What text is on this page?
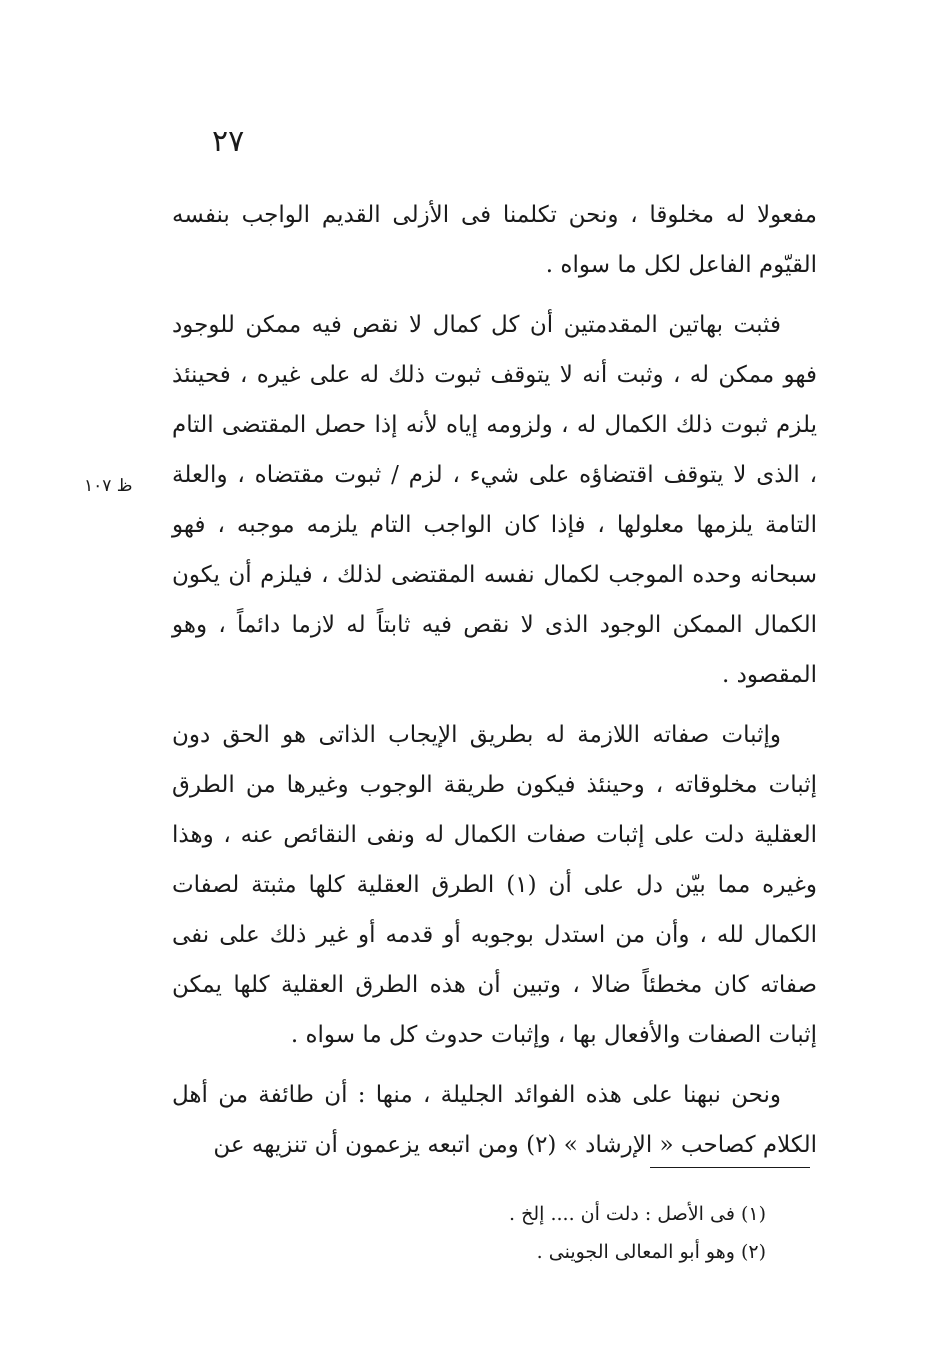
٢٧
ظ ١٠٧

مفعولا له مخلوقا ، ونحن تكلمنا فى الأزلى القديم الواجب بنفسه القيّوم الفاعل لكل ما سواه .

فثبت بهاتين المقدمتين أن كل كمال لا نقص فيه ممكن للوجود فهو ممكن له ، وثبت أنه لا يتوقف ثبوت ذلك له على غيره ، فحينئذ يلزم ثبوت ذلك الكمال له ، ولزومه إياه لأنه إذا حصل المقتضى التام ، الذى لا يتوقف اقتضاؤه على شيء ، لزم / ثبوت مقتضاه ، والعلة التامة يلزمها معلولها ، فإذا كان الواجب التام يلزمه موجبه ، فهو سبحانه وحده الموجب لكمال نفسه المقتضى لذلك ، فيلزم أن يكون الكمال الممكن الوجود الذى لا نقص فيه ثابتاً له لازما دائماً ، وهو المقصود .

وإثبات صفاته اللازمة له بطريق الإيجاب الذاتى هو الحق دون إثبات مخلوقاته ، وحينئذ فيكون طريقة الوجوب وغيرها من الطرق العقلية دلت على إثبات صفات الكمال له ونفى النقائص عنه ، وهذا وغيره مما بيّن دل على أن (١) الطرق العقلية كلها مثبتة لصفات الكمال لله ، وأن من استدل بوجوبه أو قدمه أو غير ذلك على نفى صفاته كان مخطئاً ضالا ، وتبين أن هذه الطرق العقلية كلها يمكن إثبات الصفات والأفعال بها ، وإثبات حدوث كل ما سواه .

ونحن نبهنا على هذه الفوائد الجليلة ، منها : أن طائفة من أهل الكلام كصاحب « الإرشاد » (٢) ومن اتبعه يزعمون أن تنزيهه عن

(١) فى الأصل : دلت أن .... إلخ .

(٢) وهو أبو المعالى الجوينى .
